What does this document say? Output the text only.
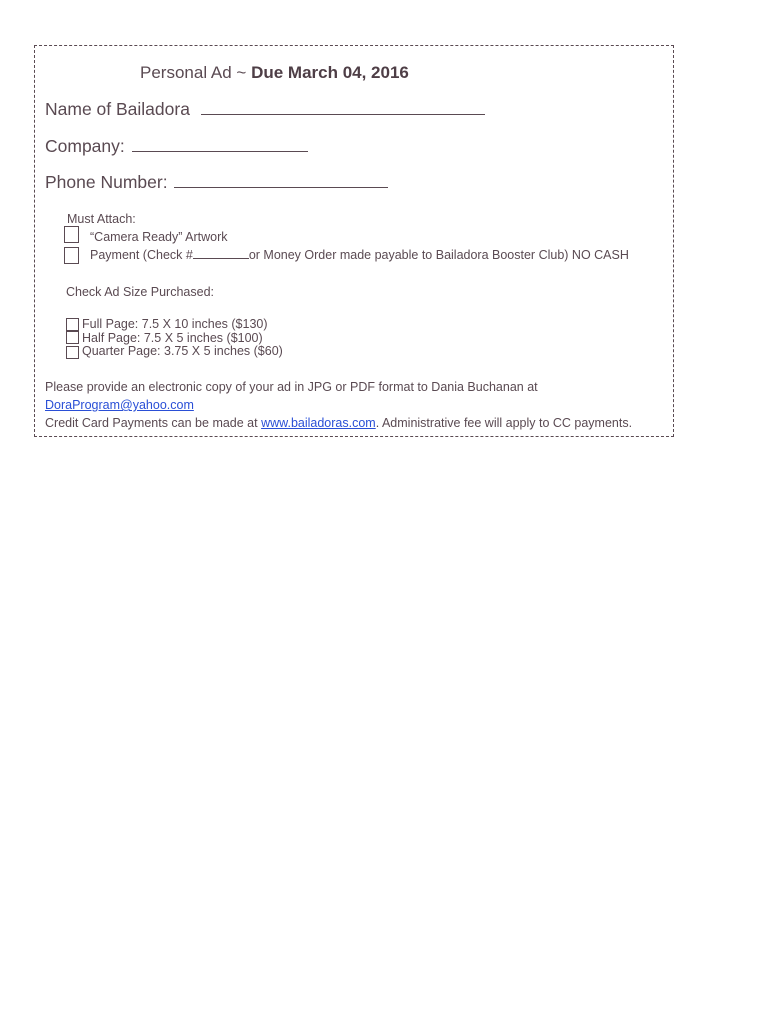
Personal Ad ~ Due March 04, 2016
Name of Bailadora
Company:
Phone Number:
Must Attach:
“Camera Ready” Artwork
Payment (Check #	or Money Order made payable to Bailadora Booster Club) NO CASH
Check Ad Size Purchased:
Full Page: 7.5 X 10 inches ($130)
Half Page: 7.5 X 5 inches ($100)
Quarter Page: 3.75 X 5 inches ($60)
Please provide an electronic copy of your ad in JPG or PDF format to Dania Buchanan at
DoraProgram@yahoo.com
Credit Card Payments can be made at www.bailadoras.com. Administrative fee will apply to CC payments.
